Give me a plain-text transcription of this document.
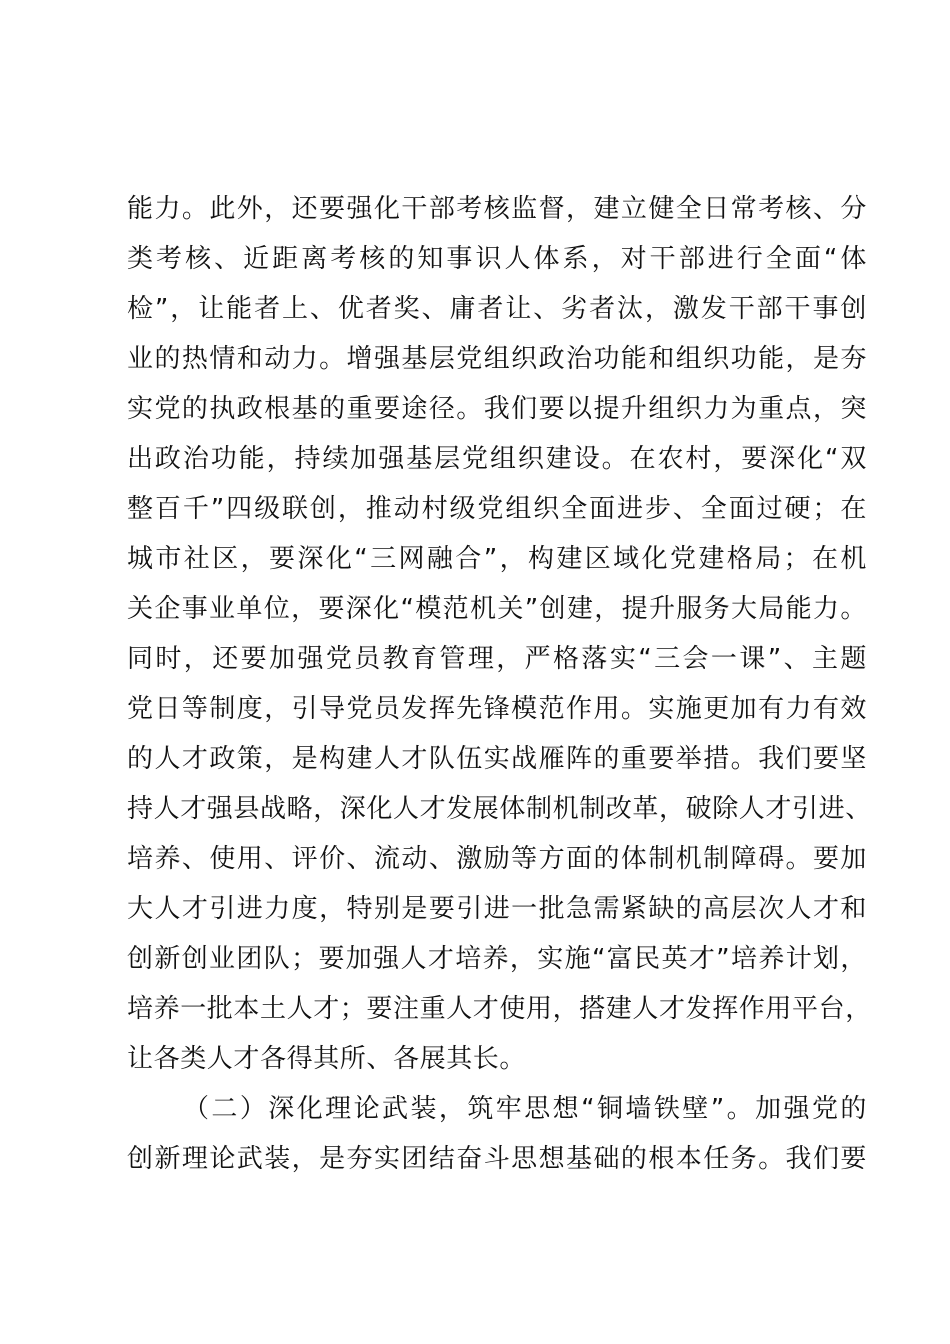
能力。此外，还要强化干部考核监督，建立健全日常考核、分
类考核、近距离考核的知事识人体系，对干部进行全面“体
检”，让能者上、优者奖、庸者让、劣者汰，激发干部干事创
业的热情和动力。增强基层党组织政治功能和组织功能，是夯
实党的执政根基的重要途径。我们要以提升组织力为重点，突
出政治功能，持续加强基层党组织建设。在农村，要深化“双
整百千”四级联创，推动村级党组织全面进步、全面过硬；在
城市社区，要深化“三网融合”，构建区域化党建格局；在机
关企事业单位，要深化“模范机关”创建，提升服务大局能力。
同时，还要加强党员教育管理，严格落实“三会一课”、主题
党日等制度，引导党员发挥先锋模范作用。实施更加有力有效
的人才政策，是构建人才队伍实战雁阵的重要举措。我们要坚
持人才强县战略，深化人才发展体制机制改革，破除人才引进、
培养、使用、评价、流动、激励等方面的体制机制障碍。要加
大人才引进力度，特别是要引进一批急需紧缺的高层次人才和
创新创业团队；要加强人才培养，实施“富民英才”培养计划，
培养一批本土人才；要注重人才使用，搭建人才发挥作用平台，
让各类人才各得其所、各展其长。
（二）深化理论武装，筑牢思想“铜墙铁壁”。加强党的
创新理论武装，是夯实团结奋斗思想基础的根本任务。我们要
